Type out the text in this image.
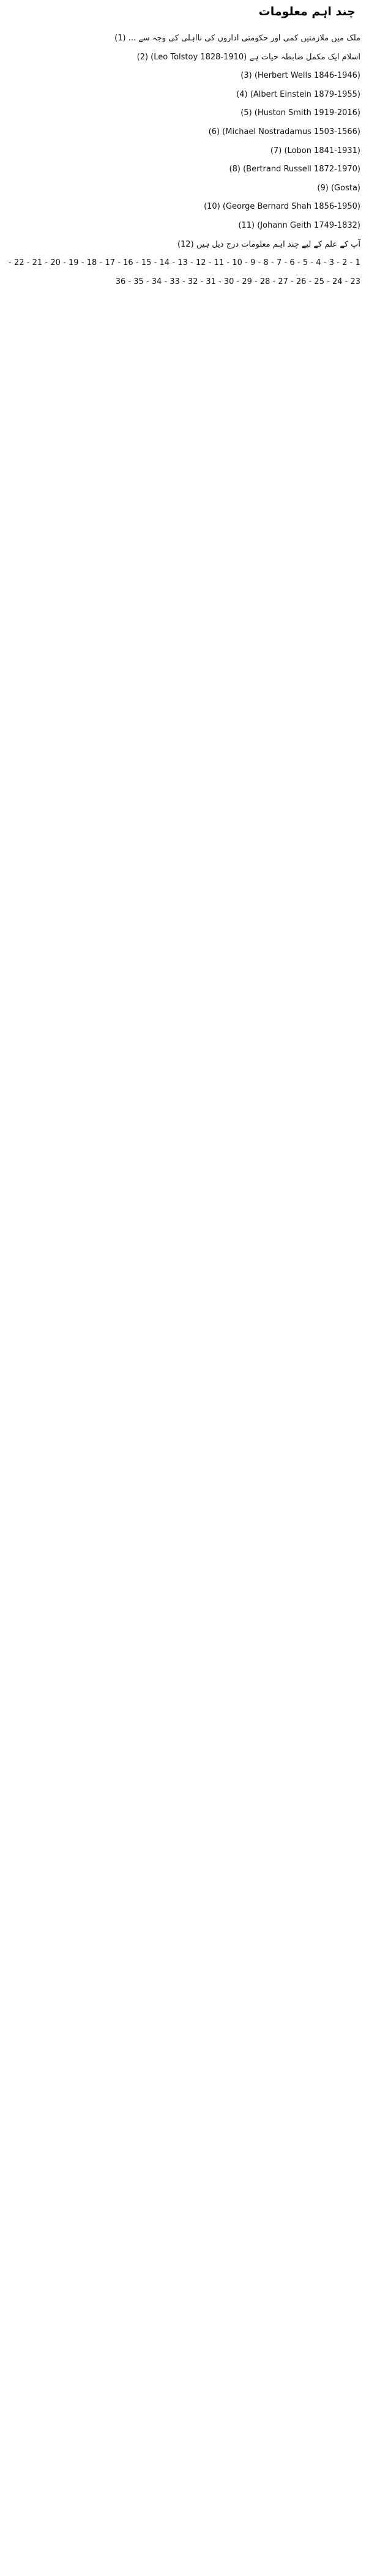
چند اہم معلومات

ملک میں ملازمتیں کمی اور حکومتی اداروں کی نااہلی کی وجہ سے ... (1)

اسلام ایک مکمل ضابطہ حیات ہے (Leo Tolstoy 1828-1910) (2)

(Herbert Wells 1846-1946) (3)

(Albert Einstein 1879-1955) (4)

(Huston Smith 1919-2016) (5)

(Michael Nostradamus 1503-1566) (6)

(Lobon 1841-1931) (7)

(Bertrand Russell 1872-1970) (8)

(Gosta) (9)

(George Bernard Shah 1856-1950) (10)

(Johann Geith 1749-1832) (11)

آپ کے علم کے لیے چند اہم معلومات درج ذیل ہیں (12)

1 - 2 - 3 - 4 - 5 - 6 - 7 - 8 - 9 - 10 - 11 - 12 - 13 - 14 - 15 - 16 - 17 - 18 - 19 - 20 - 21 - 22 - 23 - 24 - 25 - 26 - 27 - 28 - 29 - 30 - 31 - 32 - 33 - 34 - 35 - 36
